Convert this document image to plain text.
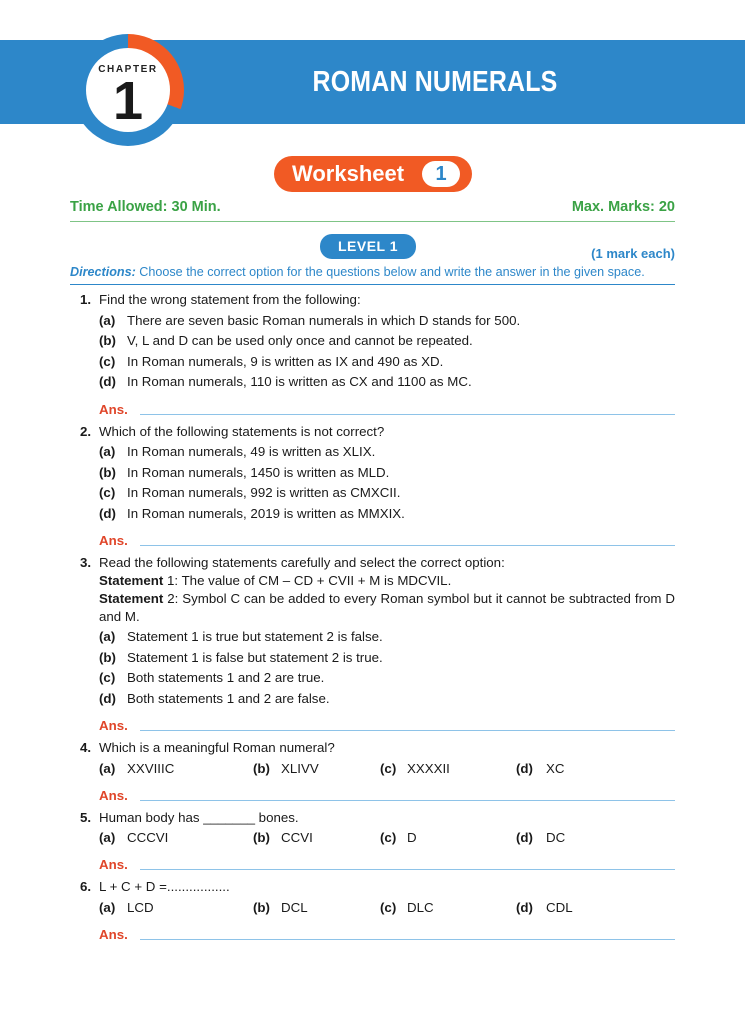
ROMAN NUMERALS
CHAPTER
1
Worksheet	1
Time Allowed: 30 Min.	Max. Marks: 20
LEVEL 1	(1 mark each)
Directions: Choose the correct option for the questions below and write the answer in the given space.
1. Find the wrong statement from the following:
(a) There are seven basic Roman numerals in which D stands for 500.
(b) V, L and D can be used only once and cannot be repeated.
(c) In Roman numerals, 9 is written as IX and 490 as XD.
(d) In Roman numerals, 110 is written as CX and 1100 as MC.
Ans.
2. Which of the following statements is not correct?
(a) In Roman numerals, 49 is written as XLIX.
(b) In Roman numerals, 1450 is written as MLD.
(c) In Roman numerals, 992 is written as CMXCII.
(d) In Roman numerals, 2019 is written as MMXIX.
Ans.
3. Read the following statements carefully and select the correct option:
Statement 1: The value of CM – CD + CVII + M is MDCVIL.
Statement 2: Symbol C can be added to every Roman symbol but it cannot be subtracted from D and M.
(a) Statement 1 is true but statement 2 is false.
(b) Statement 1 is false but statement 2 is true.
(c) Both statements 1 and 2 are true.
(d) Both statements 1 and 2 are false.
Ans.
4. Which is a meaningful Roman numeral?
(a) XXVIIIC	(b) XLIVV	(c) XXXXII	(d) XC
Ans.
5. Human body has _______ bones.
(a) CCCVI	(b) CCVI	(c) D	(d) DC
Ans.
6. L + C + D =.................
(a) LCD	(b) DCL	(c) DLC	(d) CDL
Ans.
